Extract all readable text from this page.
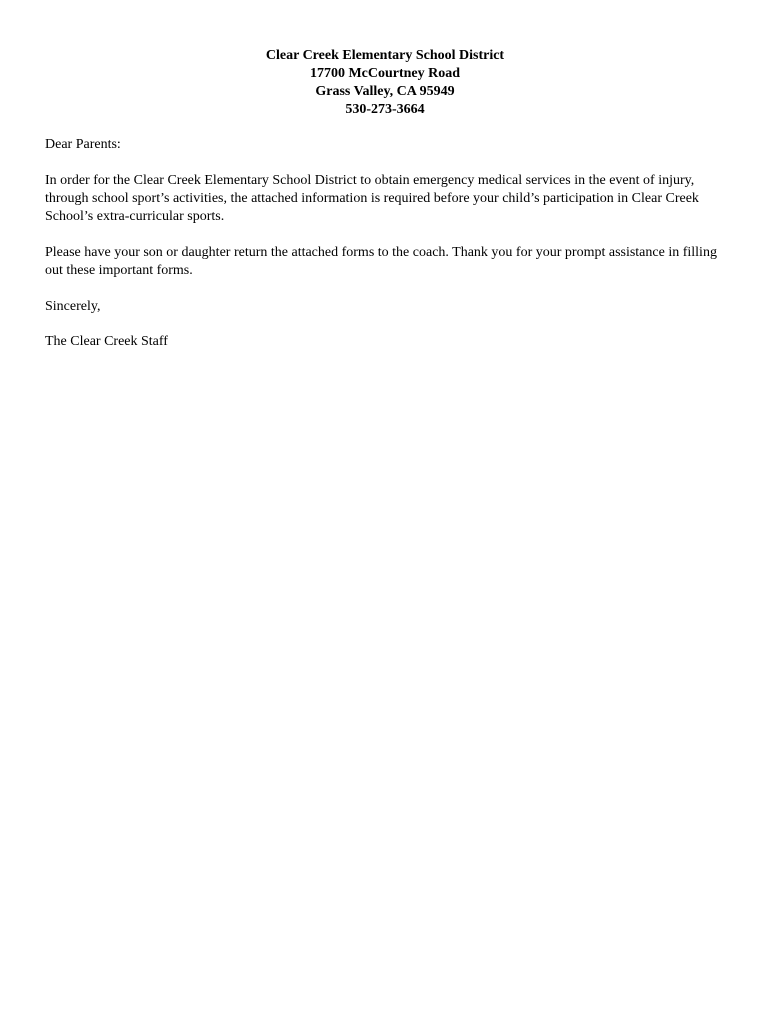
Clear Creek Elementary School District
17700 McCourtney Road
Grass Valley, CA 95949
530-273-3664

Dear Parents:

In order for the Clear Creek Elementary School District to obtain emergency medical services in the event of injury, through school sport’s activities, the attached information is required before your child’s participation in Clear Creek School’s extra-curricular sports.

Please have your son or daughter return the attached forms to the coach. Thank you for your prompt assistance in filling out these important forms.

Sincerely,

The Clear Creek Staff
